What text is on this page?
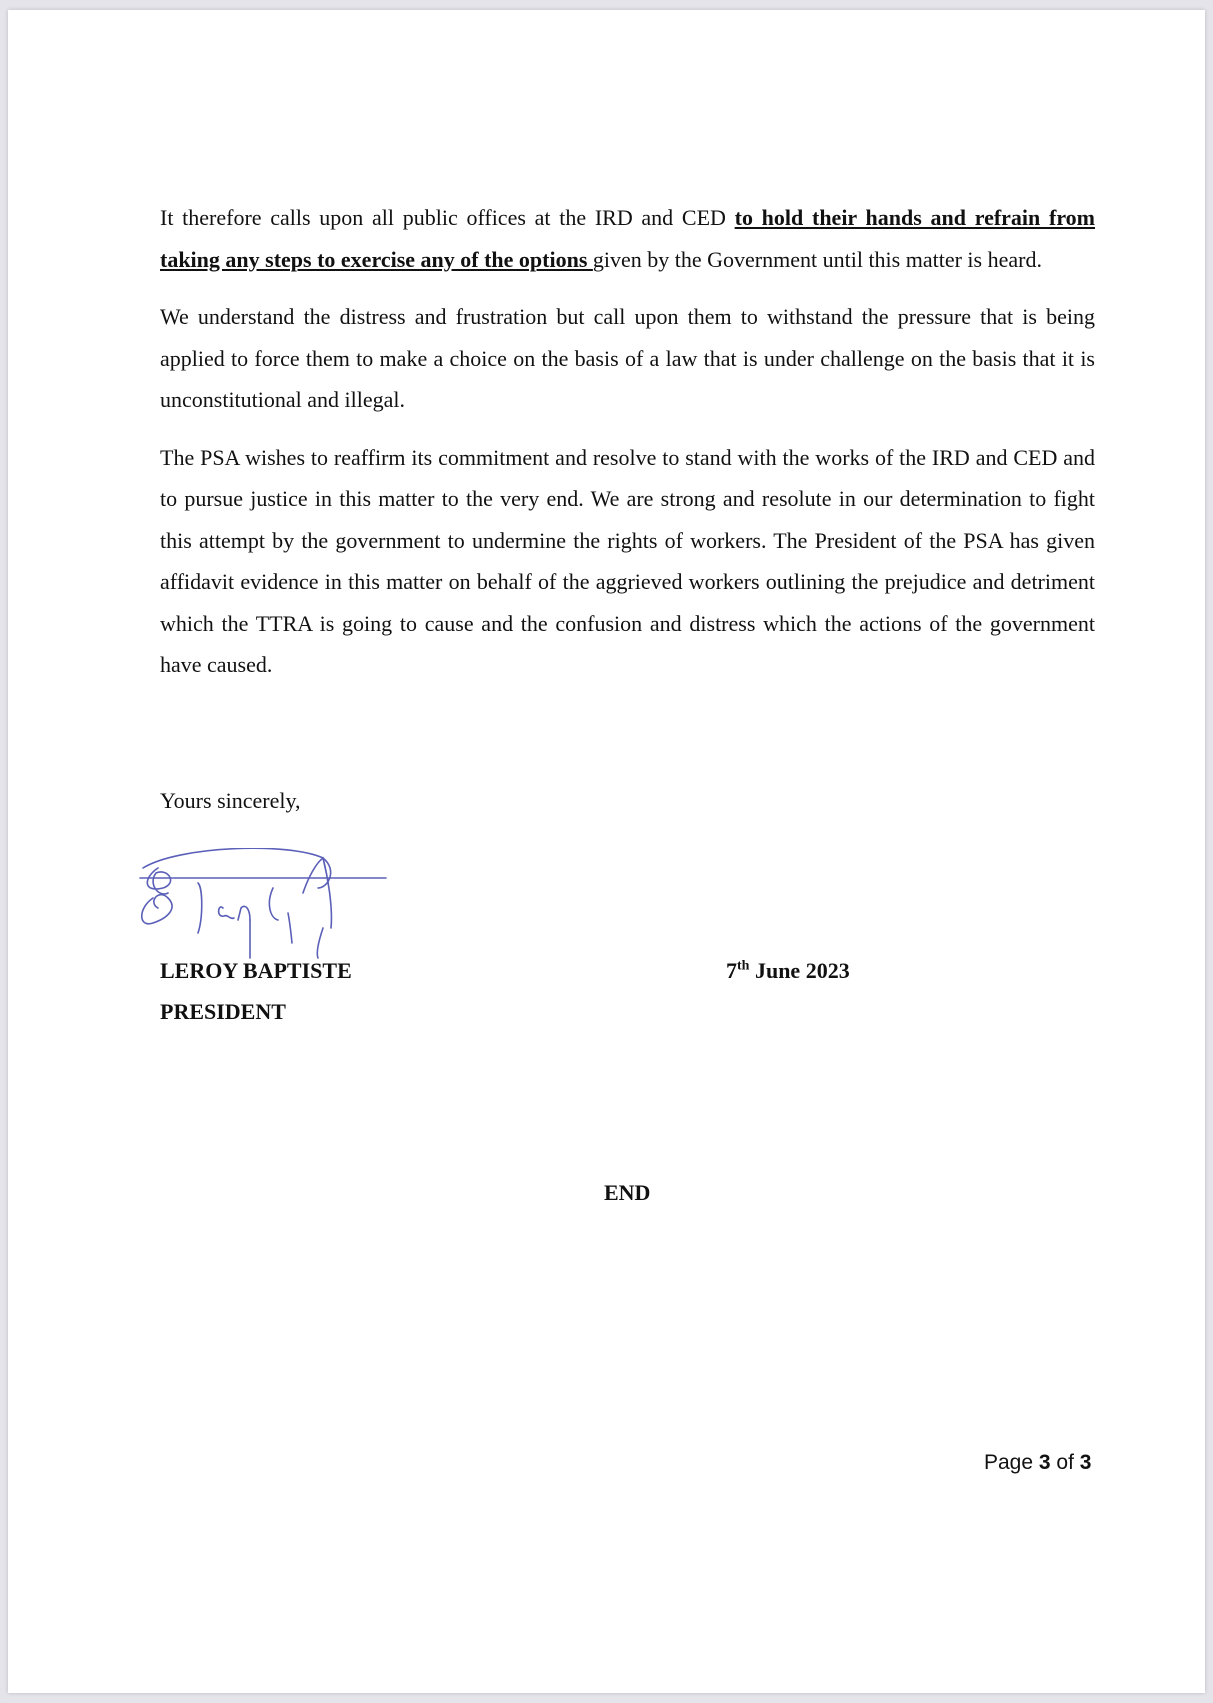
It therefore calls upon all public offices at the IRD and CED to hold their hands and refrain from taking any steps to exercise any of the options given by the Government until this matter is heard.

We understand the distress and frustration but call upon them to withstand the pressure that is being applied to force them to make a choice on the basis of a law that is under challenge on the basis that it is unconstitutional and illegal.

The PSA wishes to reaffirm its commitment and resolve to stand with the works of the IRD and CED and to pursue justice in this matter to the very end. We are strong and resolute in our determination to fight this attempt by the government to undermine the rights of workers. The President of the PSA has given affidavit evidence in this matter on behalf of the aggrieved workers outlining the prejudice and detriment which the TTRA is going to cause and the confusion and distress which the actions of the government have caused.

Yours sincerely,
LEROY BAPTISTE
PRESIDENT
7th June 2023
END
Page 3 of 3
